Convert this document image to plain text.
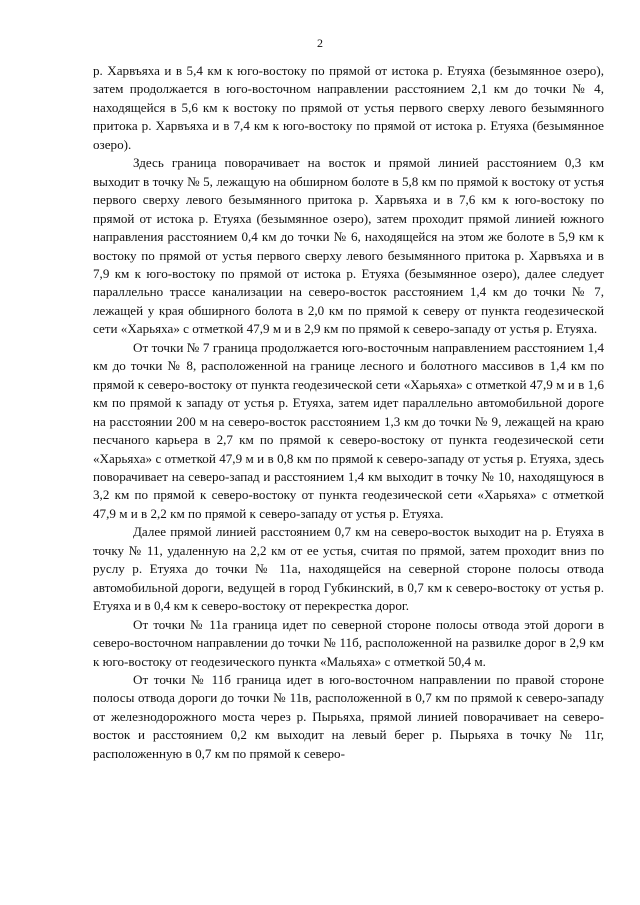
2

р. Харвъяха и в 5,4 км к юго-востоку по прямой от истока р. Етуяха (безымянное озеро), затем продолжается в юго-восточном направлении расстоянием 2,1 км до точки № 4, находящейся в 5,6 км к востоку по прямой от устья первого сверху левого безымянного притока р. Харвъяха и в 7,4 км к юго-востоку по прямой от истока р. Етуяха (безымянное озеро).

Здесь граница поворачивает на восток и прямой линией расстоянием 0,3 км выходит в точку № 5, лежащую на обширном болоте в 5,8 км по прямой к востоку от устья первого сверху левого безымянного притока р. Харвъяха и в 7,6 км к юго-востоку по прямой от истока р. Етуяха (безымянное озеро), затем проходит прямой линией южного направления расстоянием 0,4 км до точки № 6, находящейся на этом же болоте в 5,9 км к востоку по прямой от устья первого сверху левого безымянного притока р. Харвъяха и в 7,9 км к юго-востоку по прямой от истока р. Етуяха (безымянное озеро), далее следует параллельно трассе канализации на северо-восток расстоянием 1,4 км до точки № 7, лежащей у края обширного болота в 2,0 км по прямой к северу от пункта геодезической сети «Харьяха» с отметкой 47,9 м и в 2,9 км по прямой к северо-западу от устья р. Етуяха.

От точки № 7 граница продолжается юго-восточным направлением расстоянием 1,4 км до точки № 8, расположенной на границе лесного и болотного массивов в 1,4 км по прямой к северо-востоку от пункта геодезической сети «Харьяха» с отметкой 47,9 м и в 1,6 км по прямой к западу от устья р. Етуяха, затем идет параллельно автомобильной дороге на расстоянии 200 м на северо-восток расстоянием 1,3 км до точки № 9, лежащей на краю песчаного карьера в 2,7 км по прямой к северо-востоку от пункта геодезической сети «Харьяха» с отметкой 47,9 м и в 0,8 км по прямой к северо-западу от устья р. Етуяха, здесь поворачивает на северо-запад и расстоянием 1,4 км выходит в точку № 10, находящуюся в 3,2 км по прямой к северо-востоку от пункта геодезической сети «Харьяха» с отметкой 47,9 м и в 2,2 км по прямой к северо-западу от устья р. Етуяха.

Далее прямой линией расстоянием 0,7 км на северо-восток выходит на р. Етуяха в точку № 11, удаленную на 2,2 км от ее устья, считая по прямой, затем проходит вниз по руслу р. Етуяха до точки № 11а, находящейся на северной стороне полосы отвода автомобильной дороги, ведущей в город Губкинский, в 0,7 км к северо-востоку от устья р. Етуяха и в 0,4 км к северо-востоку от перекрестка дорог.

От точки № 11а граница идет по северной стороне полосы отвода этой дороги в северо-восточном направлении до точки № 11б, расположенной на развилке дорог в 2,9 км к юго-востоку от геодезического пункта «Мальяха» с отметкой 50,4 м.

От точки № 11б граница идет в юго-восточном направлении по правой стороне полосы отвода дороги до точки № 11в, расположенной в 0,7 км по прямой к северо-западу от железнодорожного моста через р. Пырьяха, прямой линией поворачивает на северо-восток и расстоянием 0,2 км выходит на левый берег р. Пырьяха в точку № 11г, расположенную в 0,7 км по прямой к северо-
